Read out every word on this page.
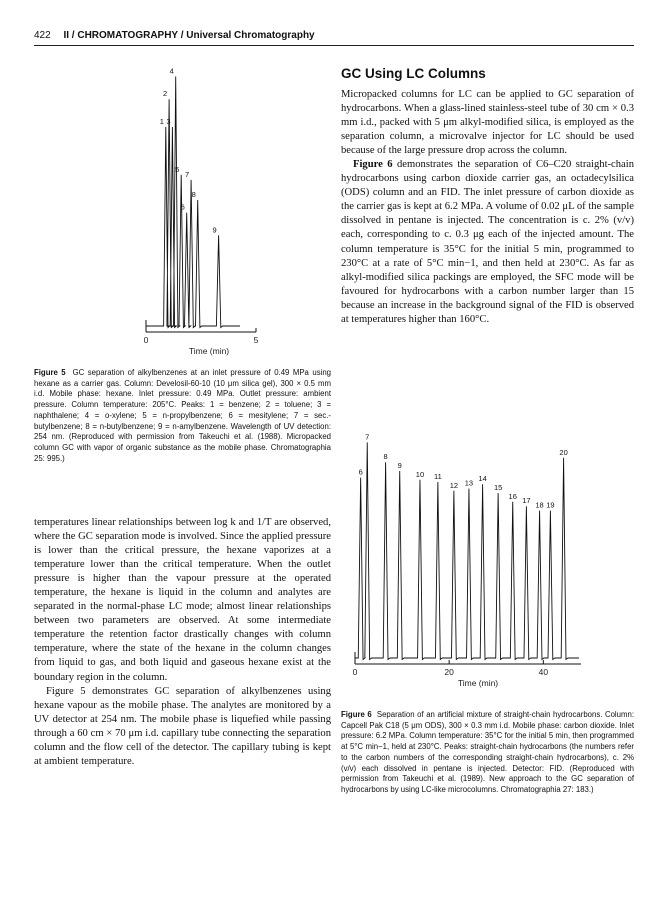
422 II / CHROMATOGRAPHY / Universal Chromatography
1
2
3
4
5
6
7
8
9
0	5
Time (min)

Figure 5 GC separation of alkylbenzenes at an inlet pressure of 0.49 MPa using hexane as a carrier gas. Column: Develosil-60-10 (10 μm silica gel), 300 × 0.5 mm i.d. Mobile phase: hexane. Inlet pressure: 0.49 MPa. Outlet pressure: ambient pressure. Column temperature: 205°C. Peaks: 1 = benzene; 2 = toluene; 3 = naphthalene; 4 = o-xylene; 5 = n-propylbenzene; 6 = mesitylene; 7 = sec.-butylbenzene; 8 = n-butylbenzene; 9 = n-amylbenzene. Wavelength of UV detection: 254 nm. (Reproduced with permission from Takeuchi et al. (1988). Micropacked column GC with vapor of organic substance as the mobile phase. Chromatographia 25: 995.)

temperatures linear relationships between log k and 1/T are observed, where the GC separation mode is involved. Since the applied pressure is lower than the critical pressure, the hexane vaporizes at a temperature lower than the critical temperature. When the outlet pressure is higher than the vapour pressure at the operated temperature, the hexane is liquid in the column and analytes are separated in the normal-phase LC mode; almost linear relationships between two parameters are observed. At some intermediate temperature the retention factor drastically changes with column temperature, where the state of the hexane in the column changes from liquid to gas, and both liquid and gaseous hexane exist at the boundary region in the column.

Figure 5 demonstrates GC separation of alkylbenzenes using hexane vapour as the mobile phase. The analytes are monitored by a UV detector at 254 nm. The mobile phase is liquefied while passing through a 60 cm × 70 μm i.d. capillary tube connecting the separation column and the flow cell of the detector. The capillary tubing is kept at ambient temperature.

GC Using LC Columns

Micropacked columns for LC can be applied to GC separation of hydrocarbons. When a glass-lined stainless-steel tube of 30 cm × 0.3 mm i.d., packed with 5 μm alkyl-modified silica, is employed as the separation column, a microvalve injector for LC should be used because of the large pressure drop across the column.

Figure 6 demonstrates the separation of C6–C20 straight-chain hydrocarbons using carbon dioxide carrier gas, an octadecylsilica (ODS) column and an FID. The inlet pressure of carbon dioxide as the carrier gas is kept at 6.2 MPa. A volume of 0.02 μL of the sample dissolved in pentane is injected. The concentration is c. 2% (v/v) each, corresponding to c. 0.3 μg each of the injected amount. The column temperature is 35°C for the initial 5 min, programmed to 230°C at a rate of 5°C min−1, and then held at 230°C. As far as alkyl-modified silica packings are employed, the SFC mode will be favoured for hydrocarbons with a carbon number larger than 15 because an increase in the background signal of the FID is observed at temperatures higher than 160°C.

6
7
8
9
10 11
12 13 14
15
16 17 18 19
20
0	20	40
Time (min)

Figure 6 Separation of an artificial mixture of straight-chain hydrocarbons. Column: Capcell Pak C18 (5 μm ODS), 300 × 0.3 mm i.d. Mobile phase: carbon dioxide. Inlet pressure: 6.2 MPa. Column temperature: 35°C for the initial 5 min, then programmed at 5°C min−1, held at 230°C. Peaks: straight-chain hydrocarbons (the numbers refer to the carbon numbers of the corresponding straight-chain hydrocarbons), c. 2% (v/v) each dissolved in pentane is injected. Detector: FID. (Reproduced with permission from Takeuchi et al. (1989). New approach to the GC separation of hydrocarbons by using LC-like microcolumns. Chromatographia 27: 183.)
